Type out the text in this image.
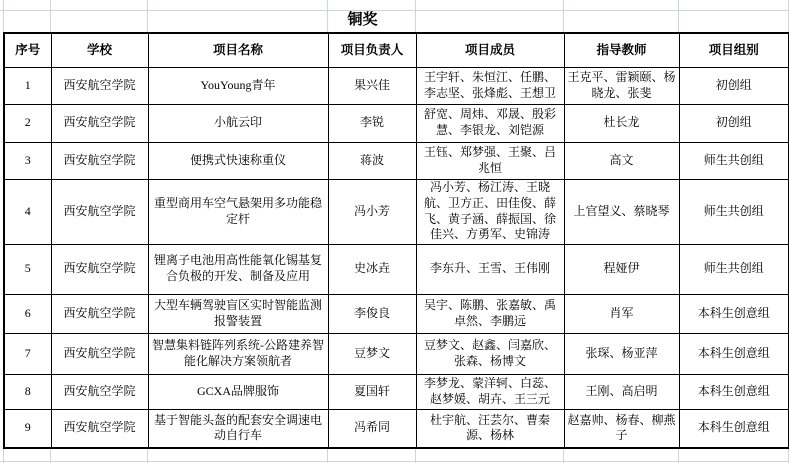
铜奖
序号	学校	项目名称	项目负责人	项目成员	指导教师	项目组别
1	西安航空学院	YouYoung青年	果兴佳	王宇轩、朱恒江、任鹏、李志坚、张烽彪、王想卫	王克平、雷颖颐、杨晓龙、张斐	初创组
2	西安航空学院	小航云印	李锐	舒宽、周炜、邓晟、殷彩慧、李银龙、刘铠源	杜长龙	初创组
3	西安航空学院	便携式快速称重仪	蒋波	王钰、郑梦强、王聚、吕兆恒	高文	师生共创组
4	西安航空学院	重型商用车空气悬架用多功能稳定杆	冯小芳	冯小芳、杨江涛、王晓航、卫方正、田佳俊、薛飞、黄子涵、薛振国、徐佳兴、方勇军、史锦涛	上官望义、蔡晓琴	师生共创组
5	西安航空学院	锂离子电池用高性能氧化锡基复合负极的开发、制备及应用	史冰垚	李东升、王雪、王伟刚	程娅伊	师生共创组
6	西安航空学院	大型车辆驾驶盲区实时智能监测报警装置	李俊良	吴宇、陈鹏、张嘉敏、禹卓然、李鹏远	肖军	本科生创意组
7	西安航空学院	智慧集料链阵列系统-公路建养智能化解决方案领航者	豆梦文	豆梦文、赵鑫、闫嘉欣、张森、杨博文	张琛、杨亚萍	本科生创意组
8	西安航空学院	GCXA品牌服饰	夏国轩	李梦龙、蒙洋轲、白蕊、赵梦媛、胡卉、王三元	王刚、高启明	本科生创意组
9	西安航空学院	基于智能头盔的配套安全调速电动自行车	冯希同	杜宇航、汪芸尔、曹秦源、杨林	赵嘉帅、杨春、柳燕子	本科生创意组
